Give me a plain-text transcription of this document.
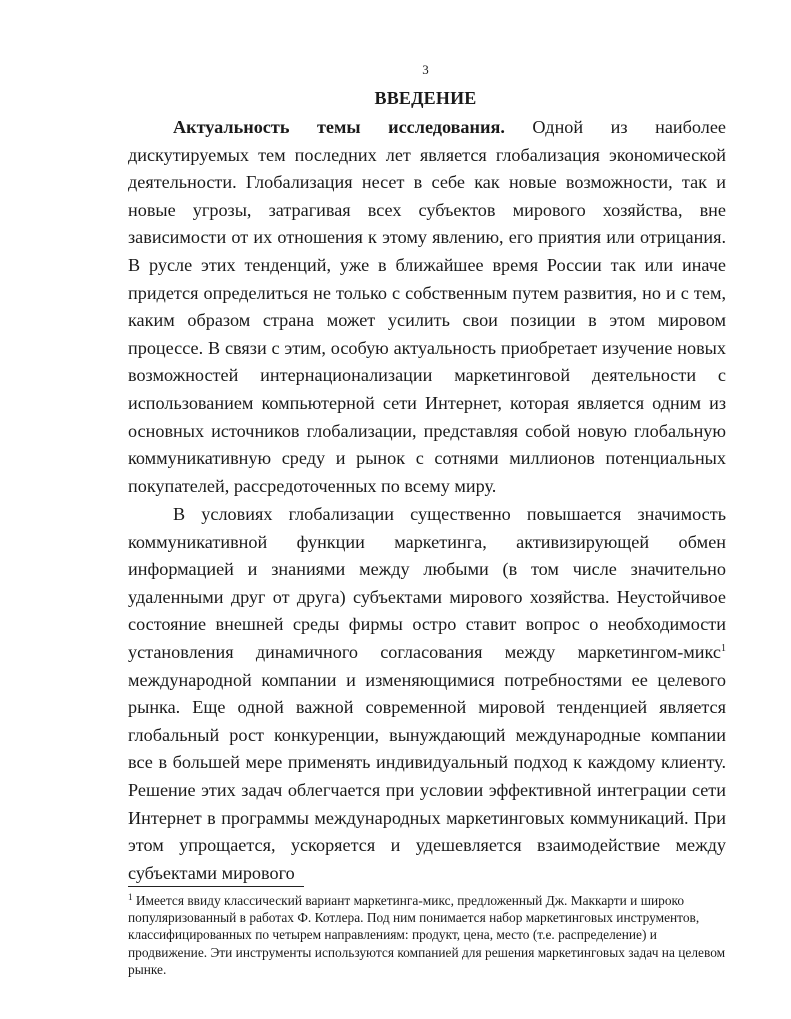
3
ВВЕДЕНИЕ

Актуальность темы исследования. Одной из наиболее дискутируемых тем последних лет является глобализация экономической деятельности. Глобализация несет в себе как новые возможности, так и новые угрозы, затрагивая всех субъектов мирового хозяйства, вне зависимости от их отношения к этому явлению, его приятия или отрицания. В русле этих тенденций, уже в ближайшее время России так или иначе придется определиться не только с собственным путем развития, но и с тем, каким образом страна может усилить свои позиции в этом мировом процессе. В связи с этим, особую актуальность приобретает изучение новых возможностей интернационализации маркетинговой деятельности с использованием компьютерной сети Интернет, которая является одним из основных источников глобализации, представляя собой новую глобальную коммуникативную среду и рынок с сотнями миллионов потенциальных покупателей, рассредоточенных по всему миру.

В условиях глобализации существенно повышается значимость коммуникативной функции маркетинга, активизирующей обмен информацией и знаниями между любыми (в том числе значительно удаленными друг от друга) субъектами мирового хозяйства. Неустойчивое состояние внешней среды фирмы остро ставит вопрос о необходимости установления динамичного согласования между маркетингом-микс$^1$ международной компании и изменяющимися потребностями ее целевого рынка. Еще одной важной современной мировой тенденцией является глобальный рост конкуренции, вынуждающий международные компании все в большей мере применять индивидуальный подход к каждому клиенту. Решение этих задач облегчается при условии эффективной интеграции сети Интернет в программы международных маркетинговых коммуникаций. При этом упрощается, ускоряется и удешевляется взаимодействие между субъектами мирового

$^1$ Имеется ввиду классический вариант маркетинга-микс, предложенный Дж. Маккарти и широко популяризованный в работах Ф. Котлера. Под ним понимается набор маркетинговых инструментов, классифицированных по четырем направлениям: продукт, цена, место (т.е. распределение) и продвижение. Эти инструменты используются компанией для решения маркетинговых задач на целевом рынке.
